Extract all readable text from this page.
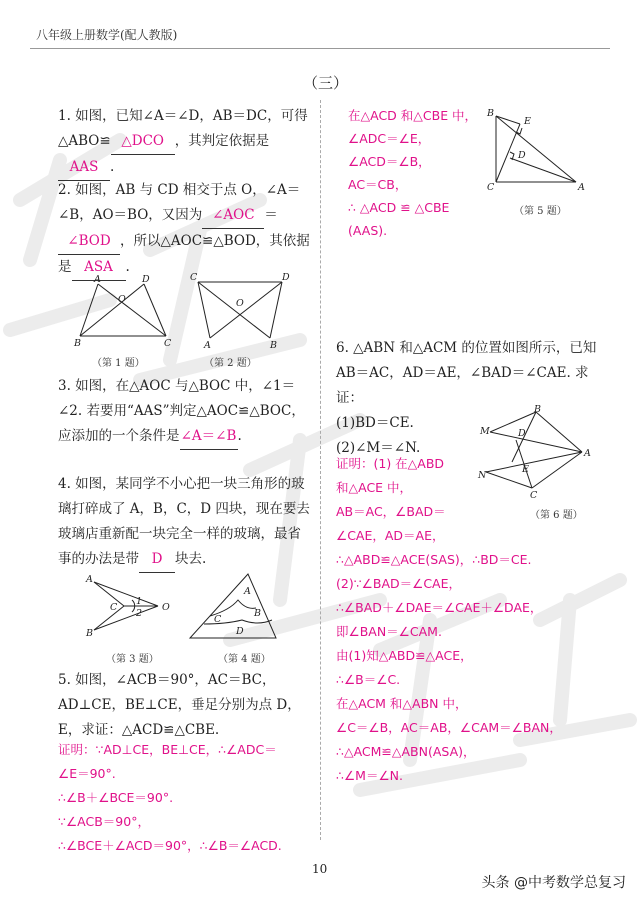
八年级上册数学(配人教版)
（三）

1. 如图，已知∠A＝∠D，AB＝DC，可得△ABO≌ △DCO ，其判定依据是AAS .

2. 如图，AB 与 CD 相交于点 O，∠A＝∠B，AO＝BO，又因为 ∠AOC ＝∠BOD ，所以△AOC≌△BOD，其依据是 ASA .

A	D
O
B	C
C	D
O
A	B
（第 1 题）	（第 2 题）

3. 如图，在△AOC 与△BOC 中，∠1＝∠2. 若要用“AAS”判定△AOC≌△BOC，应添加的一个条件是∠A＝∠B.

4. 如图，某同学不小心把一块三角形的玻璃打碎成了 A，B，C，D 四块，现在要去玻璃店重新配一块完全一样的玻璃，最省事的办法是带 D 块去.

A
B
C
1
2
O
A
B
C
D
（第 3 题）	（第 4 题）

5. 如图，∠ACB＝90°，AC＝BC，AD⊥CE，BE⊥CE，垂足分别为点 D，E，求证：△ACD≌△CBE.

证明：∵AD⊥CE，BE⊥CE，∴∠ADC＝
∠E＝90°.
∴∠B＋∠BCE＝90°.
∵∠ACB＝90°，
∴∠BCE＋∠ACD＝90°，∴∠B＝∠ACD.
在△ACD 和△CBE 中，
∠ADC＝∠E，
∠ACD＝∠B，
AC＝CB，
∴ △ACD ≌ △CBE
(AAS).
B
E
D
C	A
（第 5 题）

6. △ABN 和△ACM 的位置如图所示，已知 AB＝AC，AD＝AE，∠BAD＝∠CAE. 求证：

(1)BD＝CE.

(2)∠M＝∠N.

B
M	D
A
N
E
C
证明：(1) 在△ABD
和△ACE 中，
AB＝AC，∠BAD＝
∠CAE，AD＝AE，
∴△ABD≌△ACE(SAS)，∴BD＝CE.
(2)∵∠BAD＝∠CAE，
∴∠BAD＋∠DAE＝∠CAE＋∠DAE，
即∠BAN＝∠CAM.
由(1)知△ABD≌△ACE，
∴∠B＝∠C.
在△ACM 和△ABN 中，
∠C＝∠B，AC＝AB，∠CAM＝∠BAN，
∴△ACM≌△ABN(ASA)，
∴∠M＝∠N.
（第 6 题）
10
头条 @中考数学总复习
